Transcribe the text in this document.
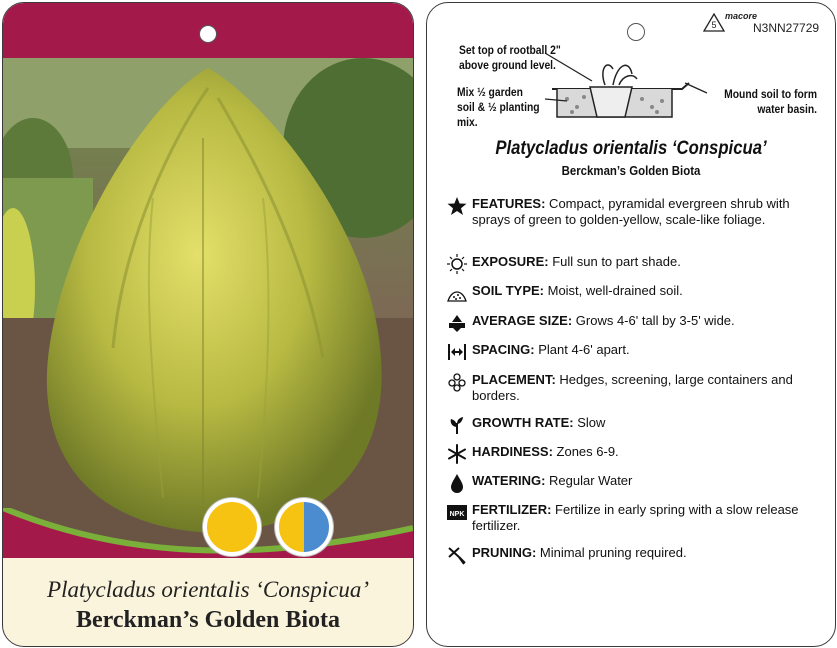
Platycladus orientalis ‘Conspicua’
Berckman’s Golden Biota
5
macore
N3NN27729
Set top of rootball 2" above ground level.
Mix ½ garden soil & ½ planting mix.
Mound soil to form water basin.
Platycladus orientalis ‘Conspicua’
Berckman’s Golden Biota
FEATURES: Compact, pyramidal evergreen shrub with sprays of green to golden-yellow, scale-like foliage.
EXPOSURE: Full sun to part shade.
SOIL TYPE: Moist, well-drained soil.
AVERAGE SIZE: Grows 4-6' tall by 3-5' wide.
SPACING: Plant 4-6' apart.
PLACEMENT: Hedges, screening, large containers and borders.
GROWTH RATE: Slow
HARDINESS: Zones 6-9.
WATERING: Regular Water
NPK FERTILIZER: Fertilize in early spring with a slow release fertilizer.
PRUNING: Minimal pruning required.
